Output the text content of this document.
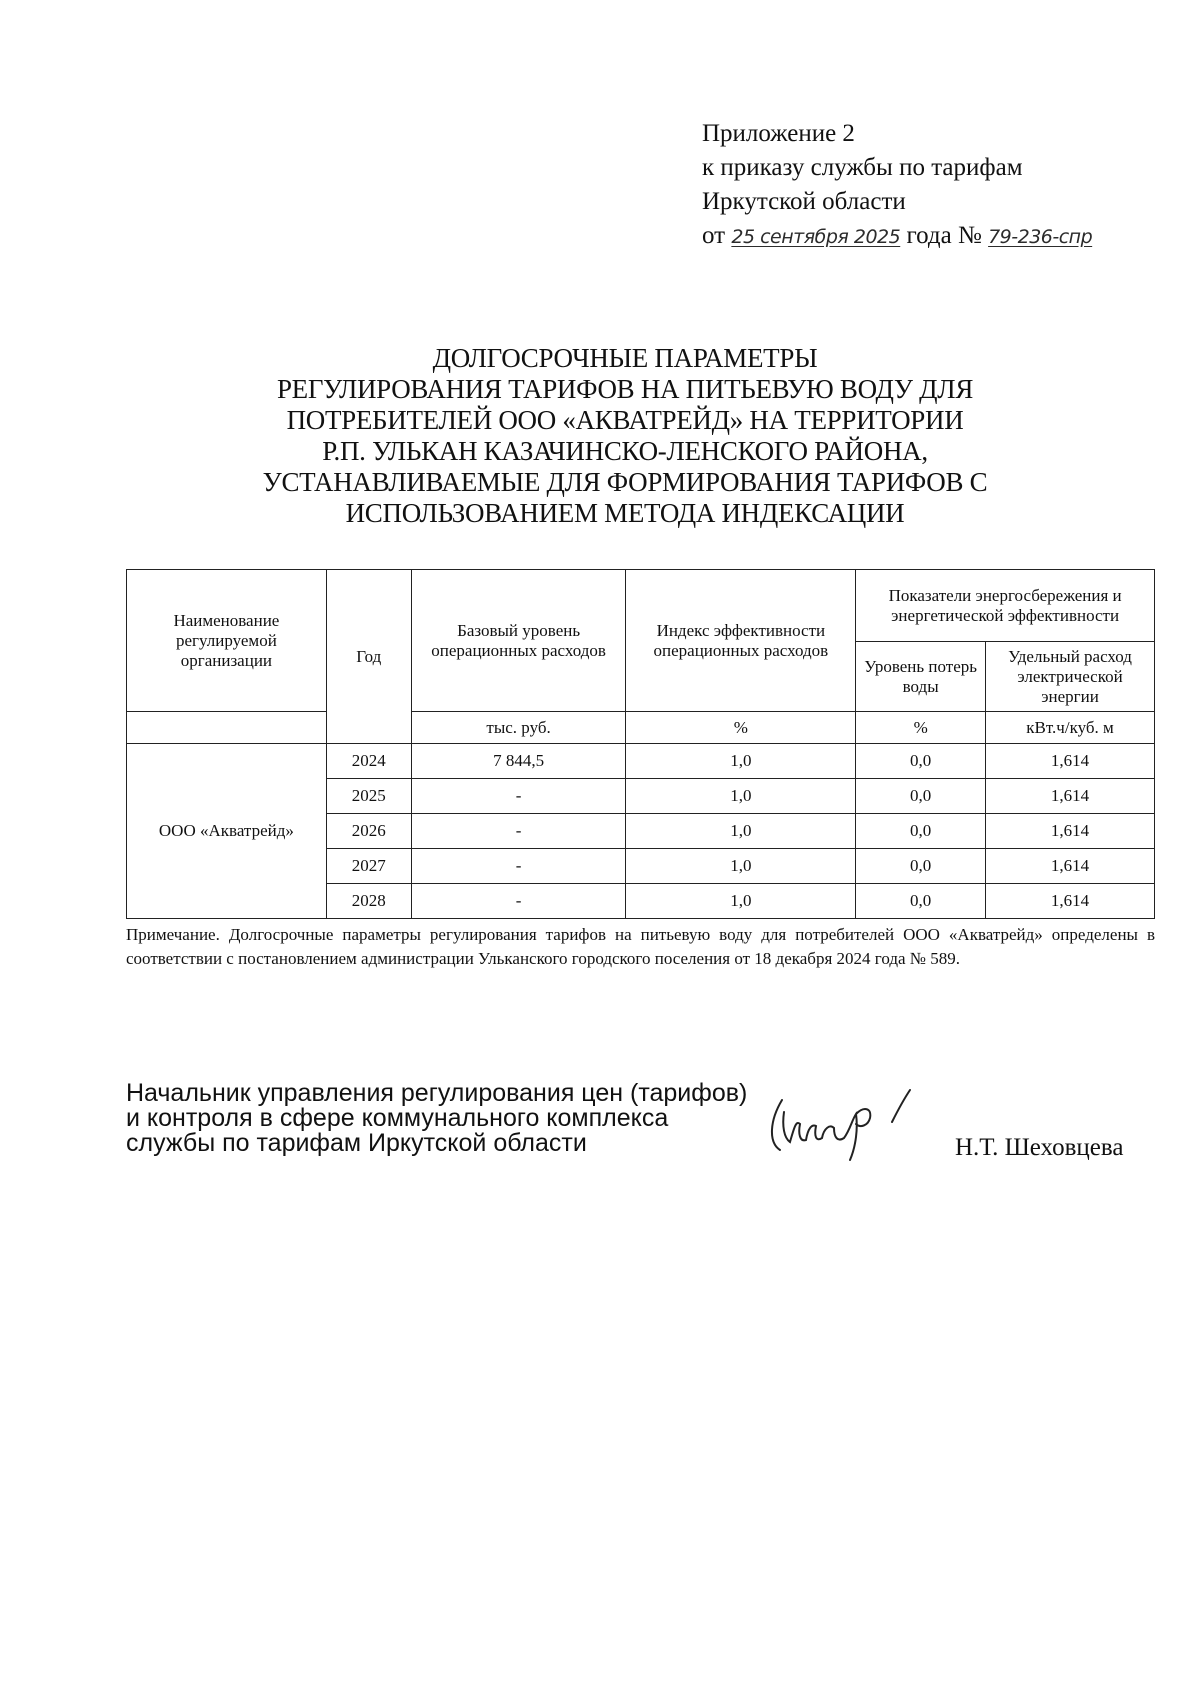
Приложение 2
к приказу службы по тарифам
Иркутской области
от 25 сентября 2025 года № 79-236-спр
ДОЛГОСРОЧНЫЕ ПАРАМЕТРЫ
РЕГУЛИРОВАНИЯ ТАРИФОВ НА ПИТЬЕВУЮ ВОДУ ДЛЯ
ПОТРЕБИТЕЛЕЙ ООО «АКВАТРЕЙД» НА ТЕРРИТОРИИ
Р.П. УЛЬКАН КАЗАЧИНСКО-ЛЕНСКОГО РАЙОНА,
УСТАНАВЛИВАЕМЫЕ ДЛЯ ФОРМИРОВАНИЯ ТАРИФОВ С
ИСПОЛЬЗОВАНИЕМ МЕТОДА ИНДЕКСАЦИИ
Наименование регулируемой организации	Год	Базовый уровень операционных расходов	Индекс эффективности операционных расходов	Показатели энергосбережения и энергетической эффективности	
				Уровень потерь воды	Удельный расход электрической энергии
		тыс. руб.	%	%	кВт.ч/куб. м
ООО «Акватрейд»	2024	7 844,5	1,0	0,0	1,614
	2025	-	1,0	0,0	1,614
	2026	-	1,0	0,0	1,614
	2027	-	1,0	0,0	1,614
	2028	-	1,0	0,0	1,614
Примечание. Долгосрочные параметры регулирования тарифов на питьевую воду для потребителей ООО «Акватрейд» определены в соответствии с постановлением администрации Ульканского городского поселения от 18 декабря 2024 года № 589.
Начальник управления регулирования цен (тарифов)
и контроля в сфере коммунального комплекса
службы по тарифам Иркутской области	Н.Т. Шеховцева
